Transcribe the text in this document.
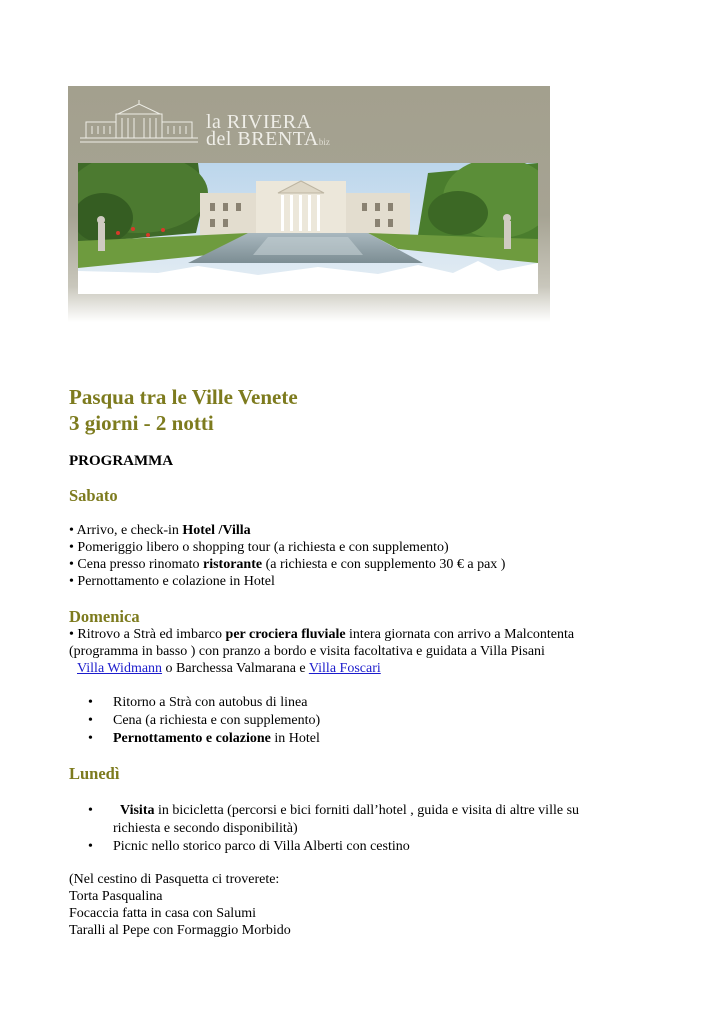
la RIVIERA
del BRENTAbiz
Pasqua tra le Ville Venete
3 giorni - 2 notti
PROGRAMMA
Sabato
• Arrivo, e check-in Hotel /Villa
• Pomeriggio libero o shopping tour (a richiesta e con supplemento)
• Cena presso rinomato ristorante (a richiesta e con supplemento 30 € a pax )
• Pernottamento e colazione in Hotel
Domenica
• Ritrovo a Strà ed imbarco per crociera fluviale intera giornata con arrivo a Malcontenta
(programma in basso ) con pranzo a bordo e visita facoltativa e guidata a Villa Pisani
Villa Widmann o Barchessa Valmarana e Villa Foscari
• Ritorno a Strà con autobus di linea
• Cena (a richiesta e con supplemento)
• Pernottamento e colazione in Hotel
Lunedì
• Visita in bicicletta (percorsi e bici forniti dall’hotel , guida e visita di altre ville su
richiesta e secondo disponibilità)
• Picnic nello storico parco di Villa Alberti con cestino
(Nel cestino di Pasquetta ci troverete:
Torta Pasqualina
Focaccia fatta in casa con Salumi
Taralli al Pepe con Formaggio Morbido
